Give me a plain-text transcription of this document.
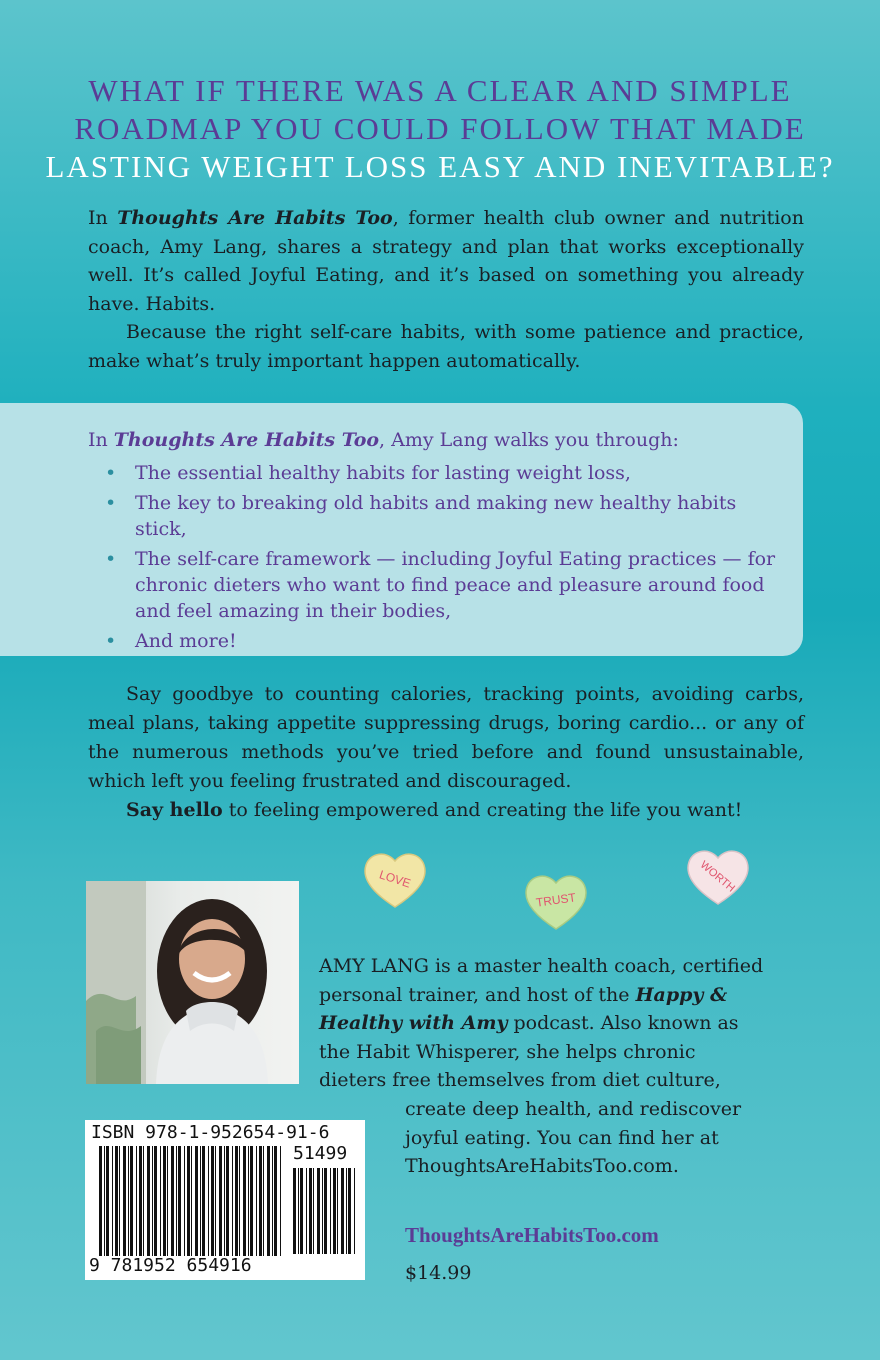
WHAT IF THERE WAS A CLEAR AND SIMPLE
ROADMAP YOU COULD FOLLOW THAT MADE
LASTING WEIGHT LOSS EASY AND INEVITABLE?

In Thoughts Are Habits Too, former health club owner and nutrition coach, Amy Lang, shares a strategy and plan that works exceptionally well. It’s called Joyful Eating, and it’s based on something you already have. Habits.

Because the right self-care habits, with some patience and practice, make what’s truly important happen automatically.

In Thoughts Are Habits Too, Amy Lang walks you through:
• The essential healthy habits for lasting weight loss,
• The key to breaking old habits and making new healthy habits stick,
• The self-care framework — including Joyful Eating practices — for chronic dieters who want to find peace and pleasure around food and feel amazing in their bodies,
• And more!

Say goodbye to counting calories, tracking points, avoiding carbs, meal plans, taking appetite suppressing drugs, boring cardio... or any of the numerous methods you’ve tried before and found unsustainable, which left you feeling frustrated and discouraged.

Say hello to feeling empowered and creating the life you want!

LOVE
TRUST
WORTH
AMY LANG is a master health coach, certified
personal trainer, and host of the Happy &
Healthy with Amy podcast. Also known as
the Habit Whisperer, she helps chronic
dieters free themselves from diet culture,
create deep health, and rediscover
joyful eating. You can find her at
ThoughtsAreHabitsToo.com.
ISBN 978-1-952654-91-6
51499
9 781952 654916
ThoughtsAreHabitsToo.com
$14.99
